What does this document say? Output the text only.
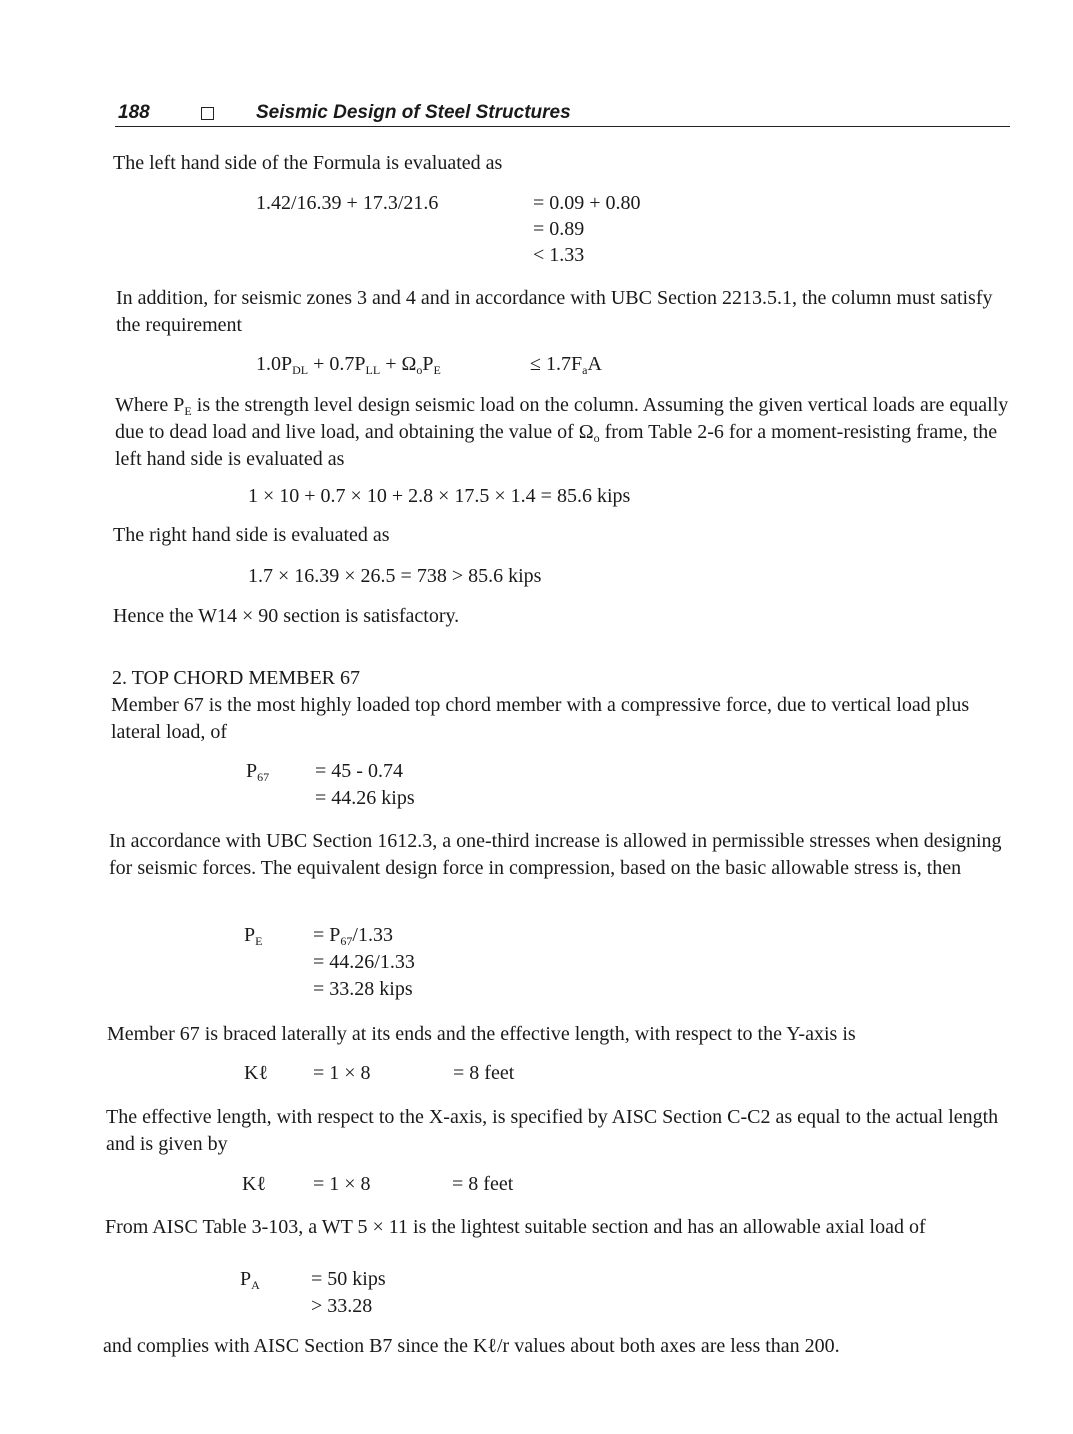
188	Seismic Design of Steel Structures

The left hand side of the Formula is evaluated as

1.42/16.39 + 17.3/21.6	= 0.09 + 0.80
= 0.89
< 1.33

In addition, for seismic zones 3 and 4 and in accordance with UBC Section 2213.5.1, the column must satisfy the requirement

$1.0P_{DL} + 0.7P_{LL} + \Omega_oP_E$	≤ $1.7F_aA$

Where $P_E$ is the strength level design seismic load on the column. Assuming the given vertical loads are equally due to dead load and live load, and obtaining the value of $\Omega_o$ from Table 2-6 for a moment-resisting frame, the left hand side is evaluated as

1 × 10 + 0.7 × 10 + 2.8 × 17.5 × 1.4 = 85.6 kips

The right hand side is evaluated as

1.7 × 16.39 × 26.5 = 738 > 85.6 kips

Hence the W14 × 90 section is satisfactory.

2. TOP CHORD MEMBER 67

Member 67 is the most highly loaded top chord member with a compressive force, due to vertical load plus lateral load, of

$P_{67} = 45 - 0.74$
= 44.26 kips

In accordance with UBC Section 1612.3, a one-third increase is allowed in permissible stresses when designing for seismic forces. The equivalent design force in compression, based on the basic allowable stress is, then

$P_E$	= $P_{67}/1.33$
= 44.26/1.33
= 33.28 kips

Member 67 is braced laterally at its ends and the effective length, with respect to the Y-axis is

Kℓ = 1 × 8	= 8 feet

The effective length, with respect to the X-axis, is specified by AISC Section C-C2 as equal to the actual length and is given by

Kℓ = 1 × 8	= 8 feet

From AISC Table 3-103, a WT 5 × 11 is the lightest suitable section and has an allowable axial load of

$P_A$	= 50 kips
> 33.28

and complies with AISC Section B7 since the Kℓ/r values about both axes are less than 200.
